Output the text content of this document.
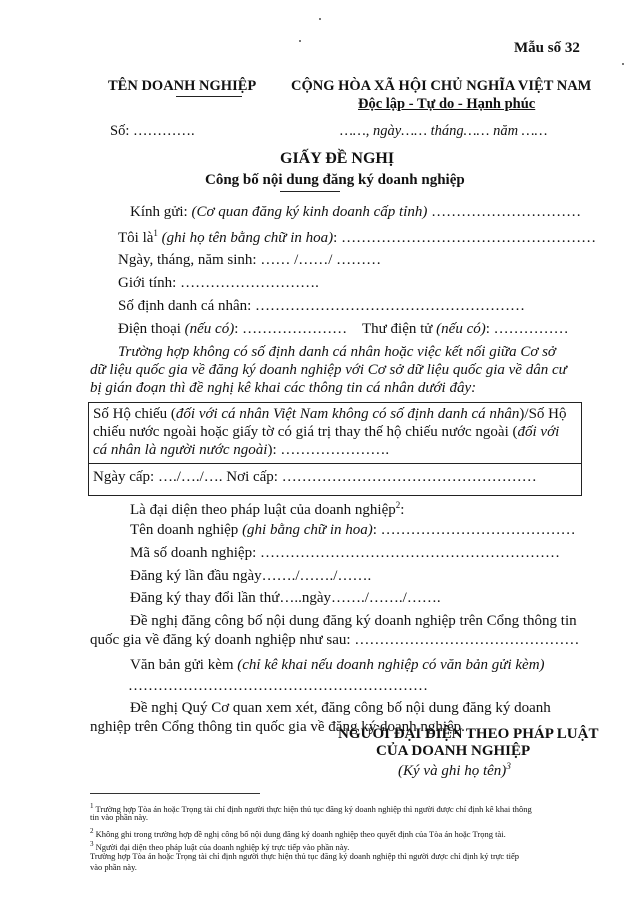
Mẫu số 32
TÊN DOANH NGHIỆP CỘNG HÒA XÃ HỘI CHỦ NGHĨA VIỆT NAM
Độc lập - Tự do - Hạnh phúc
Số: ………….	……, ngày…… tháng…… năm ……
GIẤY ĐỀ NGHỊ
Công bố nội dung đăng ký doanh nghiệp
Kính gửi: (Cơ quan đăng ký kinh doanh cấp tỉnh) …………………………
Tôi $là^1$ (ghi họ tên bằng chữ in hoa): ……………………………………………
Ngày, tháng, năm sinh: …… /……/ ………
Giới tính: ……………………….
Số định danh cá nhân: ………………………………………………
Điện thoại (nếu có): ………………… Thư điện tử (nếu có): ……………
Trường hợp không có số định danh cá nhân hoặc việc kết nối giữa Cơ sở
dữ liệu quốc gia về đăng ký doanh nghiệp với Cơ sở dữ liệu quốc gia về dân cư
bị gián đoạn thì đề nghị kê khai các thông tin cá nhân dưới đây:
Số Hộ chiếu (đối với cá nhân Việt Nam không có số định danh cá nhân)/Số Hộ
chiếu nước ngoài hoặc giấy tờ có giá trị thay thế hộ chiếu nước ngoài (đối với
cá nhân là người nước ngoài): ………………….
Ngày cấp: …./…./…. Nơi cấp: ……………………………………………
Là đại diện theo pháp luật của doanh nghiệp$^2$:
Tên doanh nghiệp (ghi bằng chữ in hoa): …………………………………
Mã số doanh nghiệp: ……………………………………………………
Đăng ký lần đầu ngày……./……./…….
Đăng ký thay đổi lần thứ…..ngày……./……./…….
Đề nghị đăng công bố nội dung đăng ký doanh nghiệp trên Cổng thông tin
quốc gia về đăng ký doanh nghiệp như sau: ………………………………………
Văn bản gửi kèm (chỉ kê khai nếu doanh nghiệp có văn bản gửi kèm)
……………………………………………………
Đề nghị Quý Cơ quan xem xét, đăng công bố nội dung đăng ký doanh
nghiệp trên Cổng thông tin quốc gia về đăng ký doanh nghiệp.
NGƯỜI ĐẠI DIỆN THEO PHÁP LUẬT
CỦA DOANH NGHIỆP
(Ký và ghi họ tên)$^3$
$^1$ Trường hợp Tòa án hoặc Trọng tài chỉ định người thực hiện thủ tục đăng ký doanh nghiệp thì người được chỉ định kê khai thông
tin vào phần này.
$^2$ Không ghi trong trường hợp đề nghị công bố nội dung đăng ký doanh nghiệp theo quyết định của Tòa án hoặc Trọng tài.
$^3$ Người đại diện theo pháp luật của doanh nghiệp ký trực tiếp vào phần này.
Trường hợp Tòa án hoặc Trọng tài chỉ định người thực hiện thủ tục đăng ký doanh nghiệp thì người được chỉ định ký trực tiếp
vào phần này.
